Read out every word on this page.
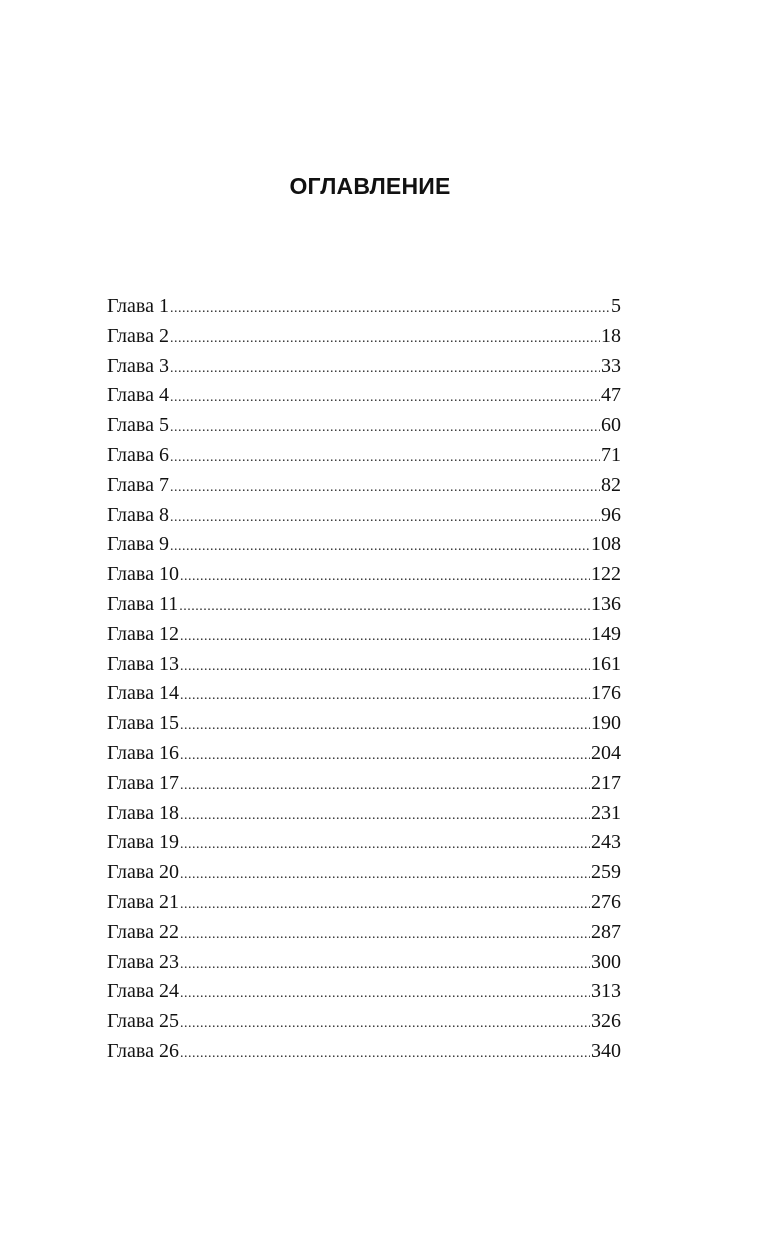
ОГЛАВЛЕНИЕ
Глава 1 .....	5
Глава 2 .....	18
Глава 3 .....	33
Глава 4 .....	47
Глава 5 .....	60
Глава 6 .....	71
Глава 7 .....	82
Глава 8 .....	96
Глава 9 .....	108
Глава 10 .....	122
Глава 11 .....	136
Глава 12 .....	149
Глава 13 .....	161
Глава 14 .....	176
Глава 15 .....	190
Глава 16 .....	204
Глава 17 .....	217
Глава 18 .....	231
Глава 19 .....	243
Глава 20 .....	259
Глава 21 .....	276
Глава 22 .....	287
Глава 23 .....	300
Глава 24 .....	313
Глава 25 .....	326
Глава 26 .....	340
